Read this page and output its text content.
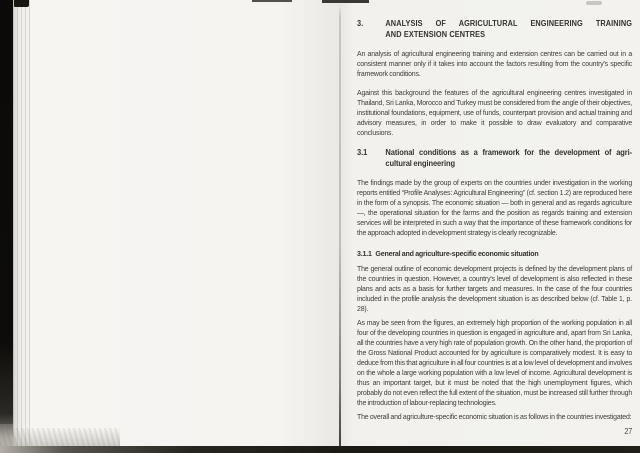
3.	ANALYSIS OF AGRICULTURAL ENGINEERING TRAINING
AND EXTENSION CENTRES

An analysis of agricultural engineering training and extension centres can be carried out in a consistent manner only if it takes into account the factors resulting from the country's specific framework conditions.

Against this background the features of the agricultural engineering centres investigated in Thailand, Sri Lanka, Morocco and Turkey must be considered from the angle of their objectives, institutional foundations, equipment, use of funds, counterpart provision and actual training and advisory measures, in order to make it possible to draw evaluatory and comparative conclusions.

3.1	National conditions as a framework for the development of agri-
cultural engineering

The findings made by the group of experts on the countries under investigation in the working reports entitled “Profile Analyses: Agricultural Engineering” (cf. section 1.2) are reproduced here in the form of a synopsis. The economic situation — both in general and as regards agriculture —, the operational situation for the farms and the position as regards training and extension services will be interpreted in such a way that the importance of these framework conditions for the approach adopted in development strategy is clearly recognizable.

3.1.1 General and agriculture-specific economic situation

The general outline of economic development projects is defined by the development plans of the countries in question. However, a country's level of development is also reflected in these plans and acts as a basis for further targets and measures. In the case of the four countries included in the profile analysis the development situation is as described below (cf. Table 1, p. 28).

As may be seen from the figures, an extremely high proportion of the working population in all four of the developing countries in question is engaged in agriculture and, apart from Sri Lanka, all the countries have a very high rate of population growth. On the other hand, the proportion of the Gross National Product accounted for by agriculture is comparatively modest. It is easy to deduce from this that agriculture in all four countries is at a low level of development and involves on the whole a large working population with a low level of income. Agricultural development is thus an important target, but it must be noted that the high unemployment figures, which probably do not even reflect the full extent of the situation, must be increased still further through the introduction of labour-replacing technologies.

The overall and agriculture-specific economic situation is as follows in the countries investigated:

27
